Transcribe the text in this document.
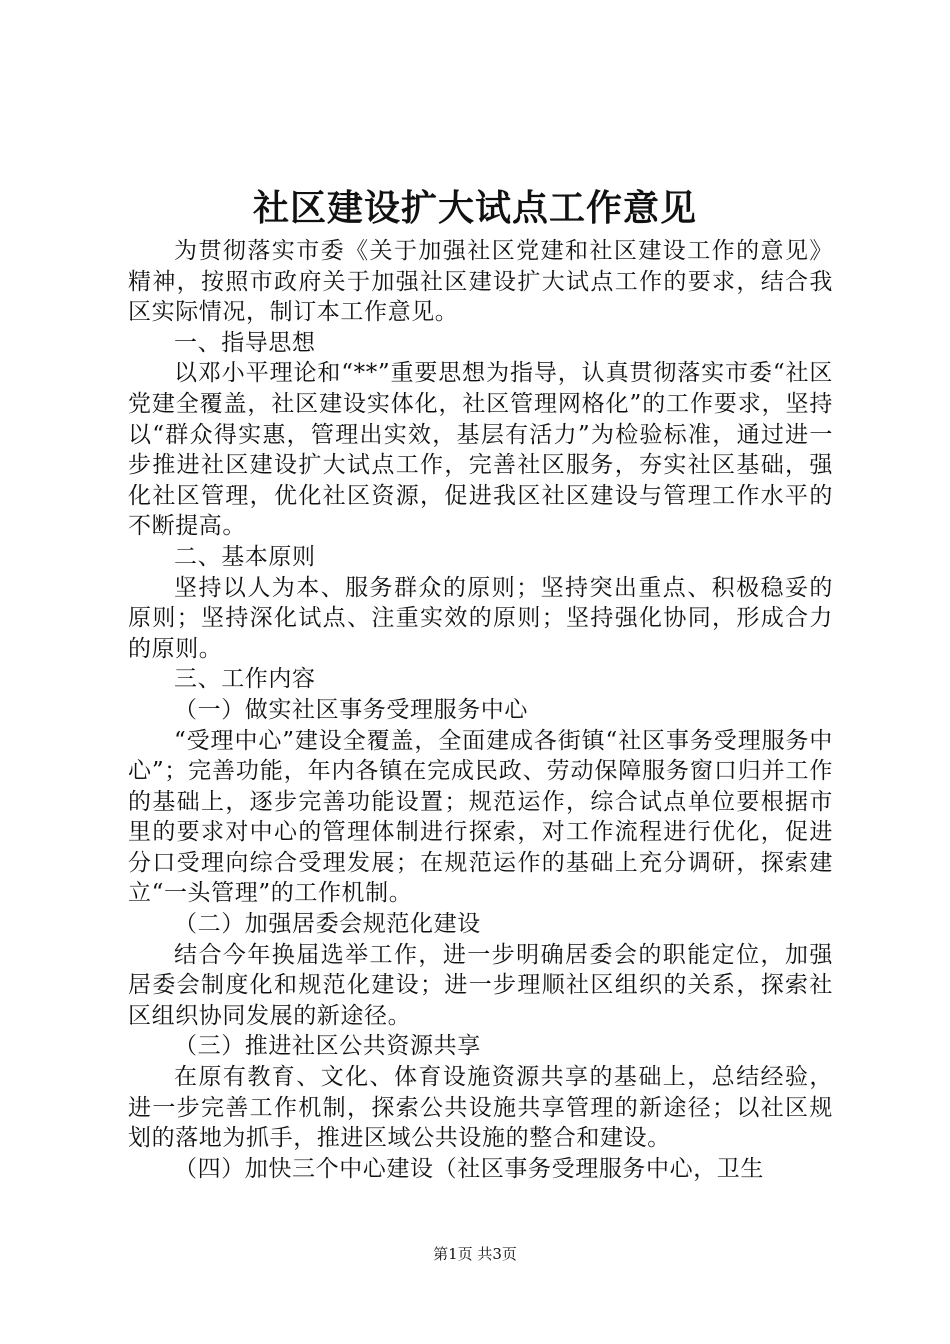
社区建设扩大试点工作意见

为贯彻落实市委《关于加强社区党建和社区建设工作的意见》精神，按照市政府关于加强社区建设扩大试点工作的要求，结合我区实际情况，制订本工作意见。

一、指导思想

以邓小平理论和“**”重要思想为指导，认真贯彻落实市委“社区党建全覆盖，社区建设实体化，社区管理网格化”的工作要求，坚持以“群众得实惠，管理出实效，基层有活力”为检验标准，通过进一步推进社区建设扩大试点工作，完善社区服务，夯实社区基础，强化社区管理，优化社区资源，促进我区社区建设与管理工作水平的不断提高。

二、基本原则

坚持以人为本、服务群众的原则；坚持突出重点、积极稳妥的原则；坚持深化试点、注重实效的原则；坚持强化协同，形成合力的原则。

三、工作内容

（一）做实社区事务受理服务中心

“受理中心”建设全覆盖，全面建成各街镇“社区事务受理服务中心”；完善功能，年内各镇在完成民政、劳动保障服务窗口归并工作的基础上，逐步完善功能设置；规范运作，综合试点单位要根据市里的要求对中心的管理体制进行探索，对工作流程进行优化，促进分口受理向综合受理发展；在规范运作的基础上充分调研，探索建立“一头管理”的工作机制。

（二）加强居委会规范化建设

结合今年换届选举工作，进一步明确居委会的职能定位，加强居委会制度化和规范化建设；进一步理顺社区组织的关系，探索社区组织协同发展的新途径。

（三）推进社区公共资源共享

在原有教育、文化、体育设施资源共享的基础上，总结经验，进一步完善工作机制，探索公共设施共享管理的新途径；以社区规划的落地为抓手，推进区域公共设施的整合和建设。

（四）加快三个中心建设（社区事务受理服务中心，卫生

第1页 共3页
